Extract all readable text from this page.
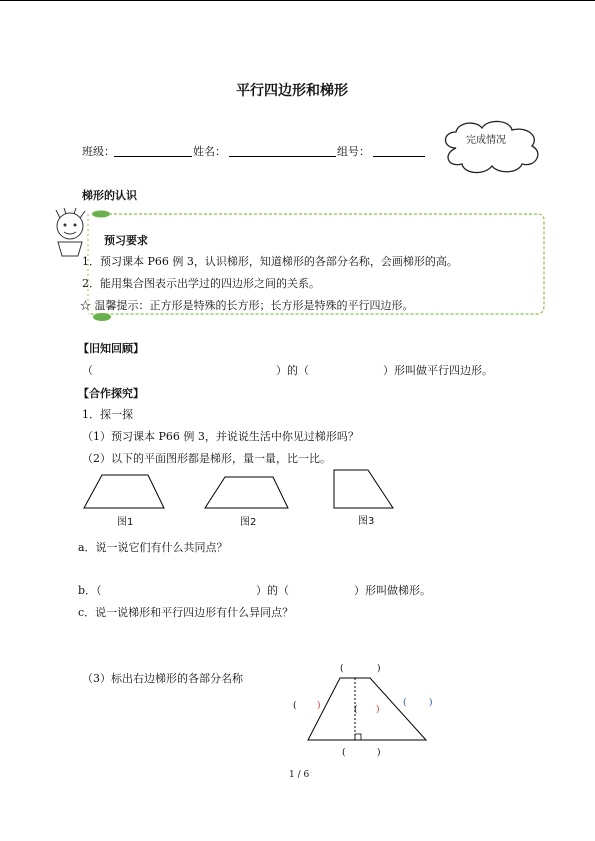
平行四边形和梯形
班级：	姓名：	组号：
完成情况
梯形的认识
预习要求
1．预习课本 P66 例 3，认识梯形，知道梯形的各部分名称，会画梯形的高。
2．能用集合图表示出学过的四边形之间的关系。
☆ 温馨提示：正方形是特殊的长方形；长方形是特殊的平行四边形。
【旧知回顾】
（	）的（	）形叫做平行四边形。
【合作探究】
1．探一探
（1）预习课本 P66 例 3，并说说生活中你见过梯形吗？
（2）以下的平面图形都是梯形，量一量，比一比。
图1	图2	图3
a．说一说它们有什么共同点？
b．（	）的（	）形叫做梯形。
c．说一说梯形和平行四边形有什么异同点？
（3）标出右边梯形的各部分名称
(	)
( )	( )
( )
(	)
1 / 6
